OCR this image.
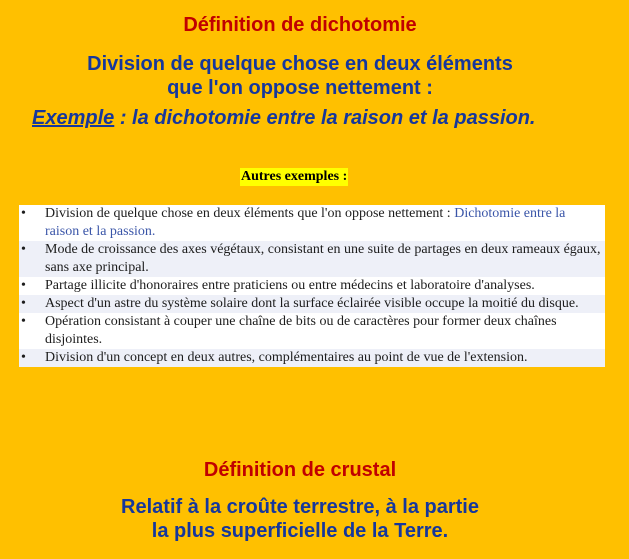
Définition de dichotomie
Division de quelque chose en deux éléments
que l'on oppose nettement :

Exemple : la dichotomie entre la raison et la passion.

Autres exemples :
• Division de quelque chose en deux éléments que l'on oppose nettement : Dichotomie entre la raison et la passion.
• Mode de croissance des axes végétaux, consistant en une suite de partages en deux rameaux égaux, sans axe principal.
• Partage illicite d'honoraires entre praticiens ou entre médecins et laboratoire d'analyses.
• Aspect d'un astre du système solaire dont la surface éclairée visible occupe la moitié du disque.
• Opération consistant à couper une chaîne de bits ou de caractères pour former deux chaînes disjointes.
• Division d'un concept en deux autres, complémentaires au point de vue de l'extension.
Définition de crustal
Relatif à la croûte terrestre, à la partie
la plus superficielle de la Terre.
